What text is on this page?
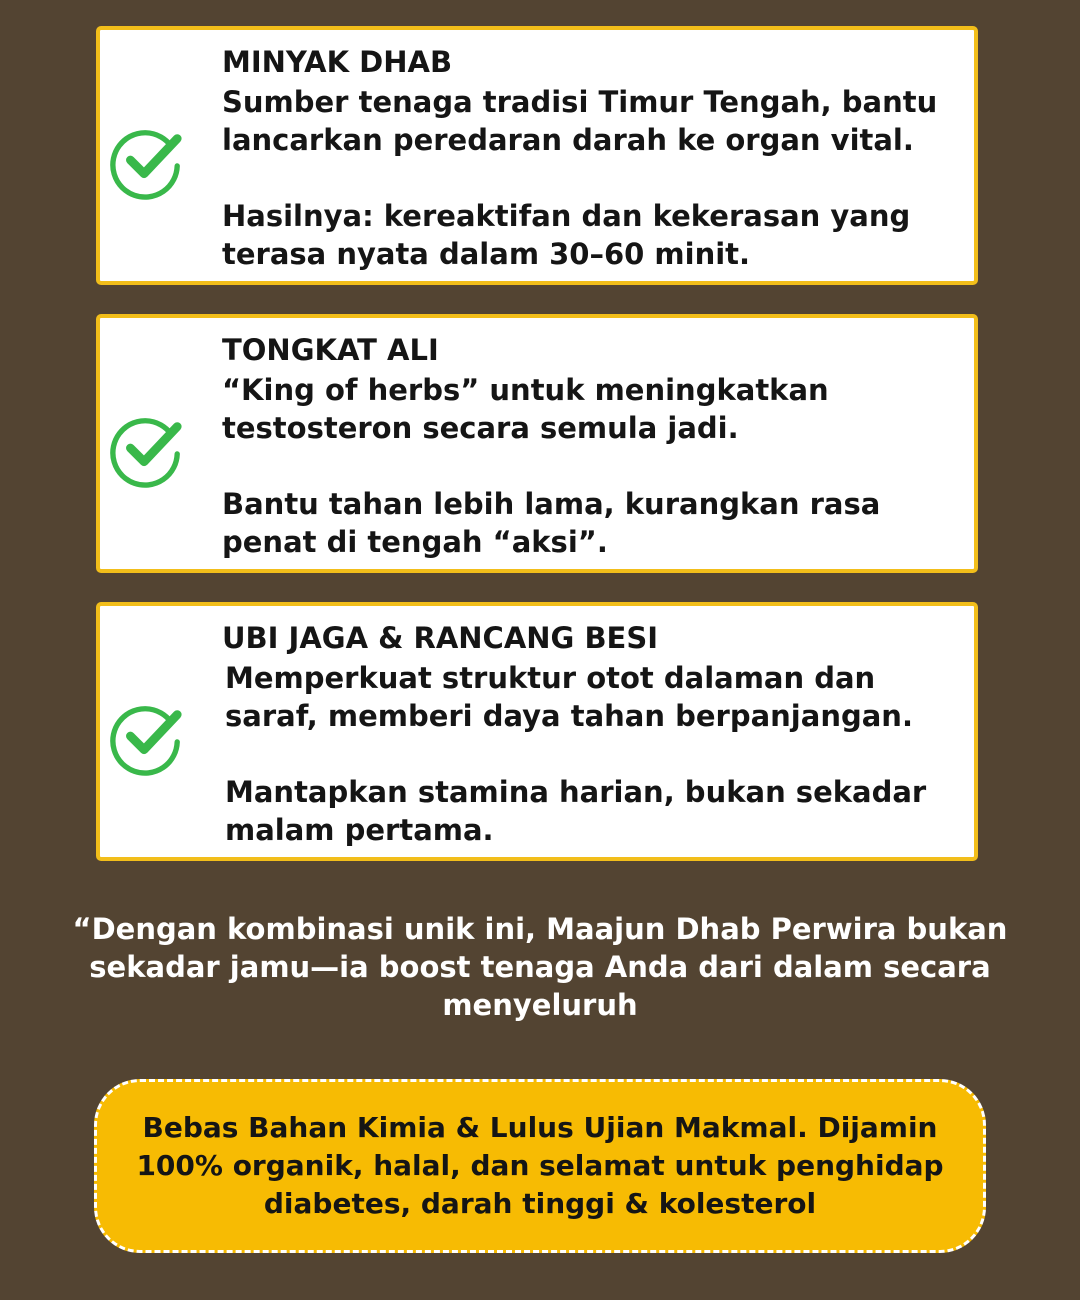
MINYAK DHAB

Sumber tenaga tradisi Timur Tengah, bantu lancarkan peredaran darah ke organ vital.

Hasilnya: kereaktifan dan kekerasan yang terasa nyata dalam 30–60 minit.

TONGKAT ALI

“King of herbs” untuk meningkatkan testosteron secara semula jadi.

Bantu tahan lebih lama, kurangkan rasa penat di tengah “aksi”.

UBI JAGA & RANCANG BESI

Memperkuat struktur otot dalaman dan saraf, memberi daya tahan berpanjangan.

Mantapkan stamina harian, bukan sekadar malam pertama.

“Dengan kombinasi unik ini, Maajun Dhab Perwira bukan sekadar jamu—ia boost tenaga Anda dari dalam secara menyeluruh

Bebas Bahan Kimia & Lulus Ujian Makmal. Dijamin 100% organik, halal, dan selamat untuk penghidap diabetes, darah tinggi & kolesterol
